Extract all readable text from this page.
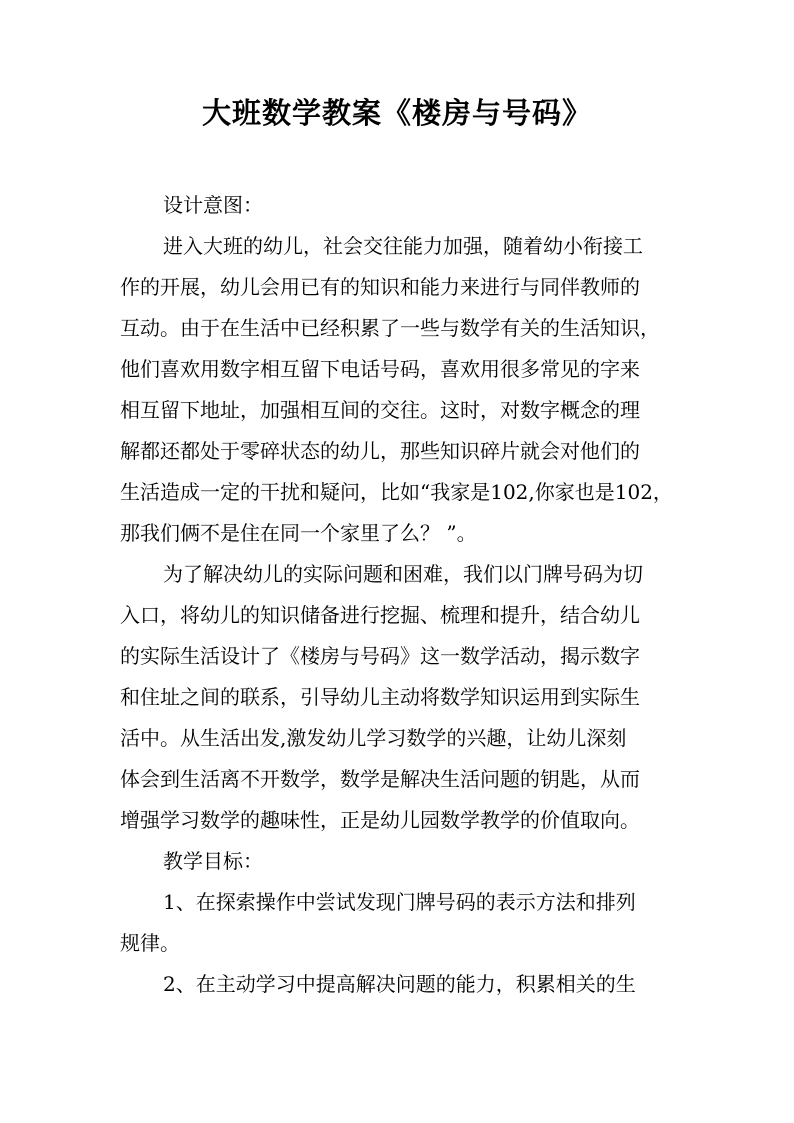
大班数学教案《楼房与号码》
设计意图：
进入大班的幼儿，社会交往能力加强，随着幼小衔接工
作的开展，幼儿会用已有的知识和能力来进行与同伴教师的
互动。由于在生活中已经积累了一些与数学有关的生活知识，
他们喜欢用数字相互留下电话号码，喜欢用很多常见的字来
相互留下地址，加强相互间的交往。这时，对数字概念的理
解都还都处于零碎状态的幼儿，那些知识碎片就会对他们的
生活造成一定的干扰和疑问，比如“我家是102,你家也是102，
那我们俩不是住在同一个家里了么？ ”。
为了解决幼儿的实际问题和困难，我们以门牌号码为切
入口，将幼儿的知识储备进行挖掘、梳理和提升，结合幼儿
的实际生活设计了《楼房与号码》这一数学活动，揭示数字
和住址之间的联系，引导幼儿主动将数学知识运用到实际生
活中。从生活出发,激发幼儿学习数学的兴趣，让幼儿深刻
体会到生活离不开数学，数学是解决生活问题的钥匙，从而
增强学习数学的趣味性，正是幼儿园数学教学的价值取向。
教学目标：
1、在探索操作中尝试发现门牌号码的表示方法和排列
规律。
2、在主动学习中提高解决问题的能力，积累相关的生
